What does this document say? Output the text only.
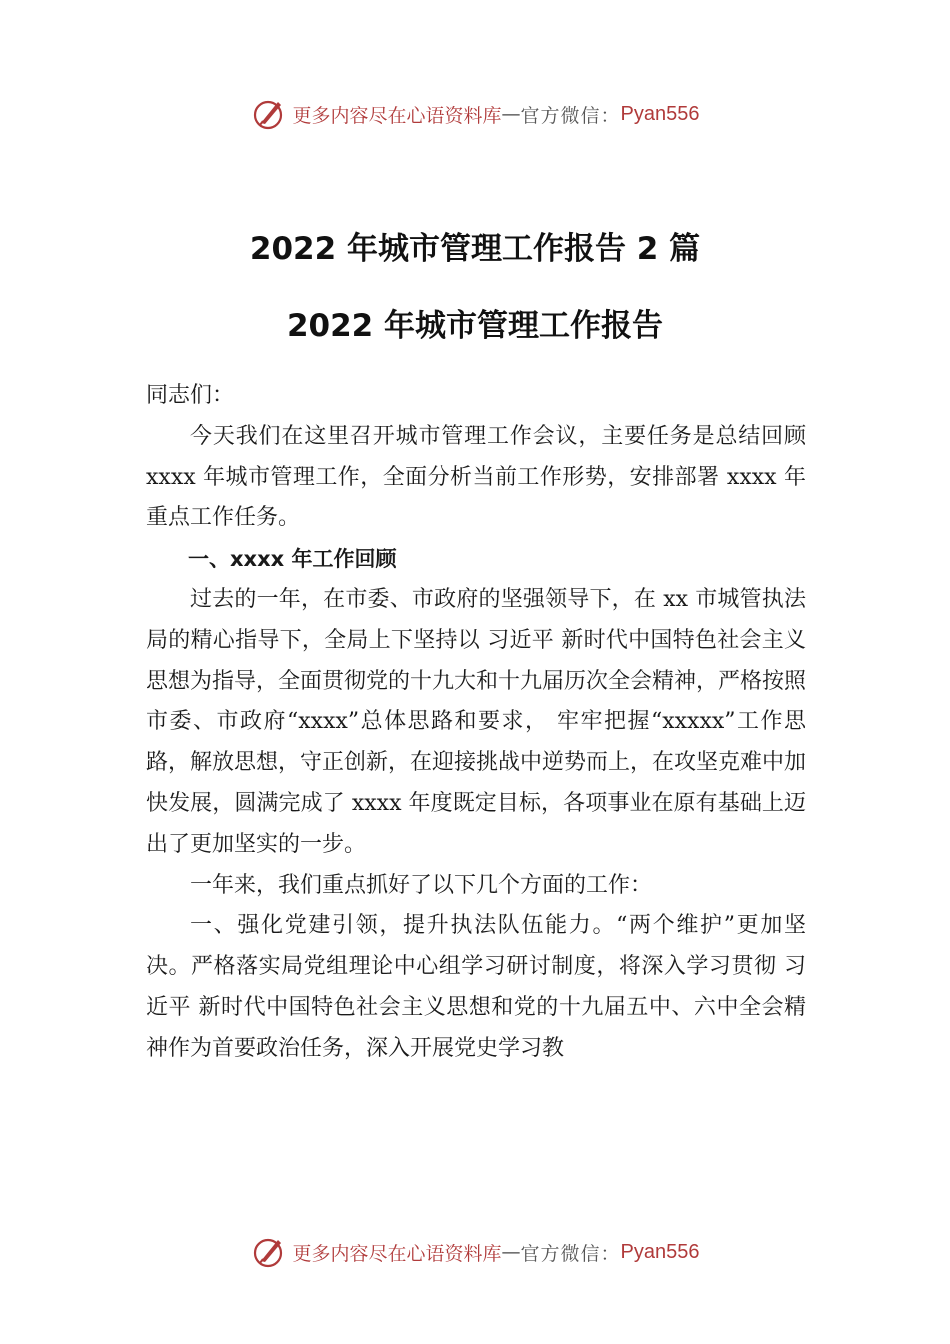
更多内容尽在心语资料库 — 官方微信： Pyan556
2022 年城市管理工作报告 2 篇
2022 年城市管理工作报告

同志们：

今天我们在这里召开城市管理工作会议，主要任务是总结回顾 xxxx 年城市管理工作，全面分析当前工作形势，安排部署 xxxx 年重点工作任务。

一、xxxx 年工作回顾

过去的一年，在市委、市政府的坚强领导下，在 xx 市城管执法局的精心指导下，全局上下坚持以 习近平 新时代中国特色社会主义思想为指导，全面贯彻党的十九大和十九届历次全会精神，严格按照市委、市政府“xxxx”总体思路和要求， 牢牢把握“xxxxx”工作思路，解放思想，守正创新，在迎接挑战中逆势而上，在攻坚克难中加快发展，圆满完成了 xxxx 年度既定目标，各项事业在原有基础上迈出了更加坚实的一步。

一年来，我们重点抓好了以下几个方面的工作：

一、强化党建引领，提升执法队伍能力。“两个维护”更加坚决。严格落实局党组理论中心组学习研讨制度，将深入学习贯彻 习近平 新时代中国特色社会主义思想和党的十九届五中、六中全会精神作为首要政治任务，深入开展党史学习教

更多内容尽在心语资料库 — 官方微信： Pyan556
